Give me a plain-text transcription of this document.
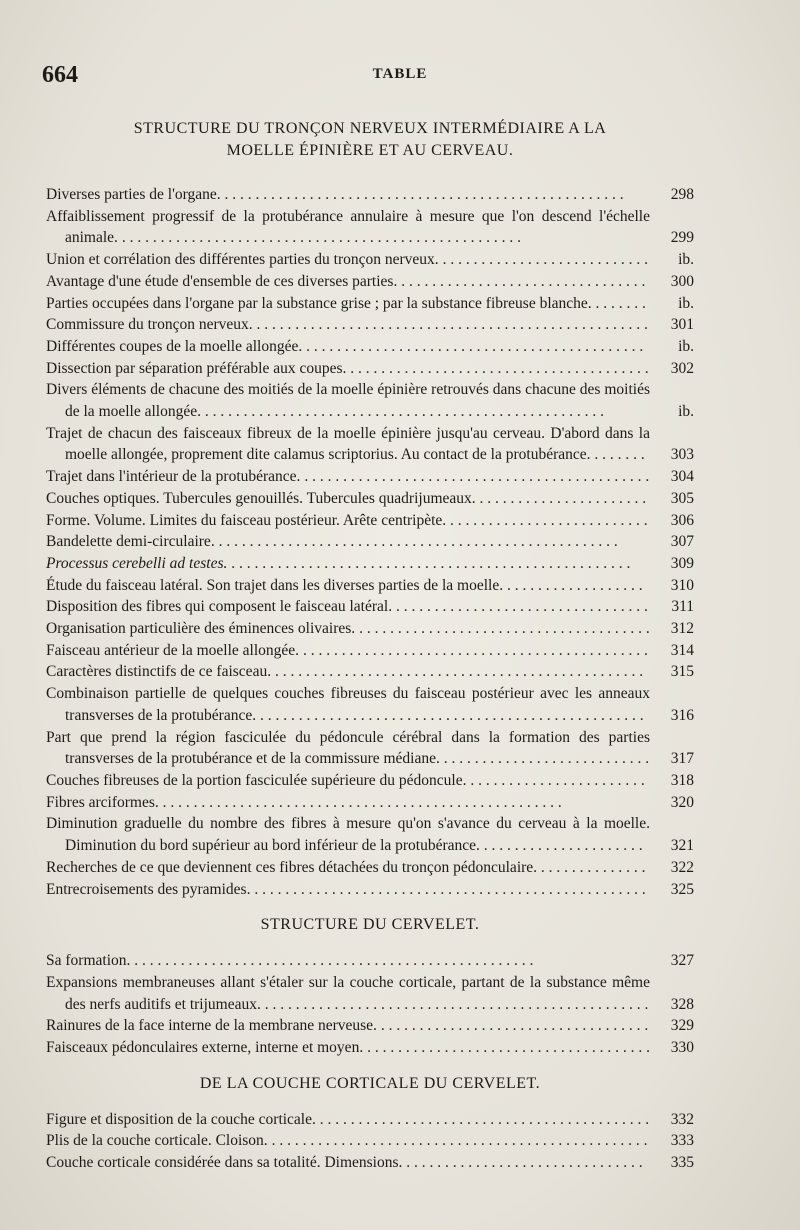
664	TABLE
STRUCTURE DU TRONÇON NERVEUX INTERMÉDIAIRE A LA
MOELLE ÉPINIÈRE ET AU CERVEAU.
Diverses parties de l'organe. . . . . . . . . . . . . . . . . . . . . . . . . . . . . . . . . . . . . . . . . . . . . . . . . . . . .	298
Affaiblissement progressif de la protubérance annulaire à mesure que l'on descend l'échelle animale. . . . . . . . . . . . . . . . . . . . . . . . . . . . . . . . . . . . . . . . . . . . . . . . . . . . .	299
Union et corrélation des différentes parties du tronçon nerveux. . . . . . . . . . . . . . . . . . . . . . . . . . . .	ib.
Avantage d'une étude d'ensemble de ces diverses parties. . . . . . . . . . . . . . . . . . . . . . . . . . . . . . . . .	300
Parties occupées dans l'organe par la substance grise ; par la substance fibreuse blanche. . . . . . . .	ib.
Commissure du tronçon nerveux. . . . . . . . . . . . . . . . . . . . . . . . . . . . . . . . . . . . . . . . . . . . . . . . . . . .	301
Différentes coupes de la moelle allongée. . . . . . . . . . . . . . . . . . . . . . . . . . . . . . . . . . . . . . . . . . . . .	ib.
Dissection par séparation préférable aux coupes. . . . . . . . . . . . . . . . . . . . . . . . . . . . . . . . . . . . . . . .	302
Divers éléments de chacune des moitiés de la moelle épinière retrouvés dans chacune des moitiés de la moelle allongée. . . . . . . . . . . . . . . . . . . . . . . . . . . . . . . . . . . . . . . . . . . . . . . . . . . . .	ib.
Trajet de chacun des faisceaux fibreux de la moelle épinière jusqu'au cerveau. D'abord dans la moelle allongée, proprement dite calamus scriptorius. Au contact de la protubérance. . . . . . . .	303
Trajet dans l'intérieur de la protubérance. . . . . . . . . . . . . . . . . . . . . . . . . . . . . . . . . . . . . . . . . . . . . .	304
Couches optiques. Tubercules genouillés. Tubercules quadrijumeaux. . . . . . . . . . . . . . . . . . . . . . .	305
Forme. Volume. Limites du faisceau postérieur. Arête centripète. . . . . . . . . . . . . . . . . . . . . . . . . . .	306
Bandelette demi-circulaire. . . . . . . . . . . . . . . . . . . . . . . . . . . . . . . . . . . . . . . . . . . . . . . . . . . . .	307
Processus cerebelli ad testes. . . . . . . . . . . . . . . . . . . . . . . . . . . . . . . . . . . . . . . . . . . . . . . . . . . . .	309
Étude du faisceau latéral. Son trajet dans les diverses parties de la moelle. . . . . . . . . . . . . . . . . . .	310
Disposition des fibres qui composent le faisceau latéral. . . . . . . . . . . . . . . . . . . . . . . . . . . . . . . . . .	311
Organisation particulière des éminences olivaires. . . . . . . . . . . . . . . . . . . . . . . . . . . . . . . . . . . . . . .	312
Faisceau antérieur de la moelle allongée. . . . . . . . . . . . . . . . . . . . . . . . . . . . . . . . . . . . . . . . . . . . . .	314
Caractères distinctifs de ce faisceau. . . . . . . . . . . . . . . . . . . . . . . . . . . . . . . . . . . . . . . . . . . . . . . . .	315
Combinaison partielle de quelques couches fibreuses du faisceau postérieur avec les anneaux transverses de la protubérance. . . . . . . . . . . . . . . . . . . . . . . . . . . . . . . . . . . . . . . . . . . . . . . . . . .	316
Part que prend la région fasciculée du pédoncule cérébral dans la formation des parties transverses de la protubérance et de la commissure médiane. . . . . . . . . . . . . . . . . . . . . . . . . . . .	317
Couches fibreuses de la portion fasciculée supérieure du pédoncule. . . . . . . . . . . . . . . . . . . . . . . .	318
Fibres arciformes. . . . . . . . . . . . . . . . . . . . . . . . . . . . . . . . . . . . . . . . . . . . . . . . . . . . .	320
Diminution graduelle du nombre des fibres à mesure qu'on s'avance du cerveau à la moelle. Diminution du bord supérieur au bord inférieur de la protubérance. . . . . . . . . . . . . . . . . . . . . .	321
Recherches de ce que deviennent ces fibres détachées du tronçon pédonculaire. . . . . . . . . . . . . . .	322
Entrecroisements des pyramides. . . . . . . . . . . . . . . . . . . . . . . . . . . . . . . . . . . . . . . . . . . . . . . . . . . .	325
STRUCTURE DU CERVELET.
Sa formation. . . . . . . . . . . . . . . . . . . . . . . . . . . . . . . . . . . . . . . . . . . . . . . . . . . . .	327
Expansions membraneuses allant s'étaler sur la couche corticale, partant de la substance même des nerfs auditifs et trijumeaux. . . . . . . . . . . . . . . . . . . . . . . . . . . . . . . . . . . . . . . . . . . . . . . . . . .	328
Rainures de la face interne de la membrane nerveuse. . . . . . . . . . . . . . . . . . . . . . . . . . . . . . . . . . . .	329
Faisceaux pédonculaires externe, interne et moyen. . . . . . . . . . . . . . . . . . . . . . . . . . . . . . . . . . . . . .	330
DE LA COUCHE CORTICALE DU CERVELET.
Figure et disposition de la couche corticale. . . . . . . . . . . . . . . . . . . . . . . . . . . . . . . . . . . . . . . . . . . .	332
Plis de la couche corticale. Cloison. . . . . . . . . . . . . . . . . . . . . . . . . . . . . . . . . . . . . . . . . . . . . . . . . .	333
Couche corticale considérée dans sa totalité. Dimensions. . . . . . . . . . . . . . . . . . . . . . . . . . . . . . . .	335
